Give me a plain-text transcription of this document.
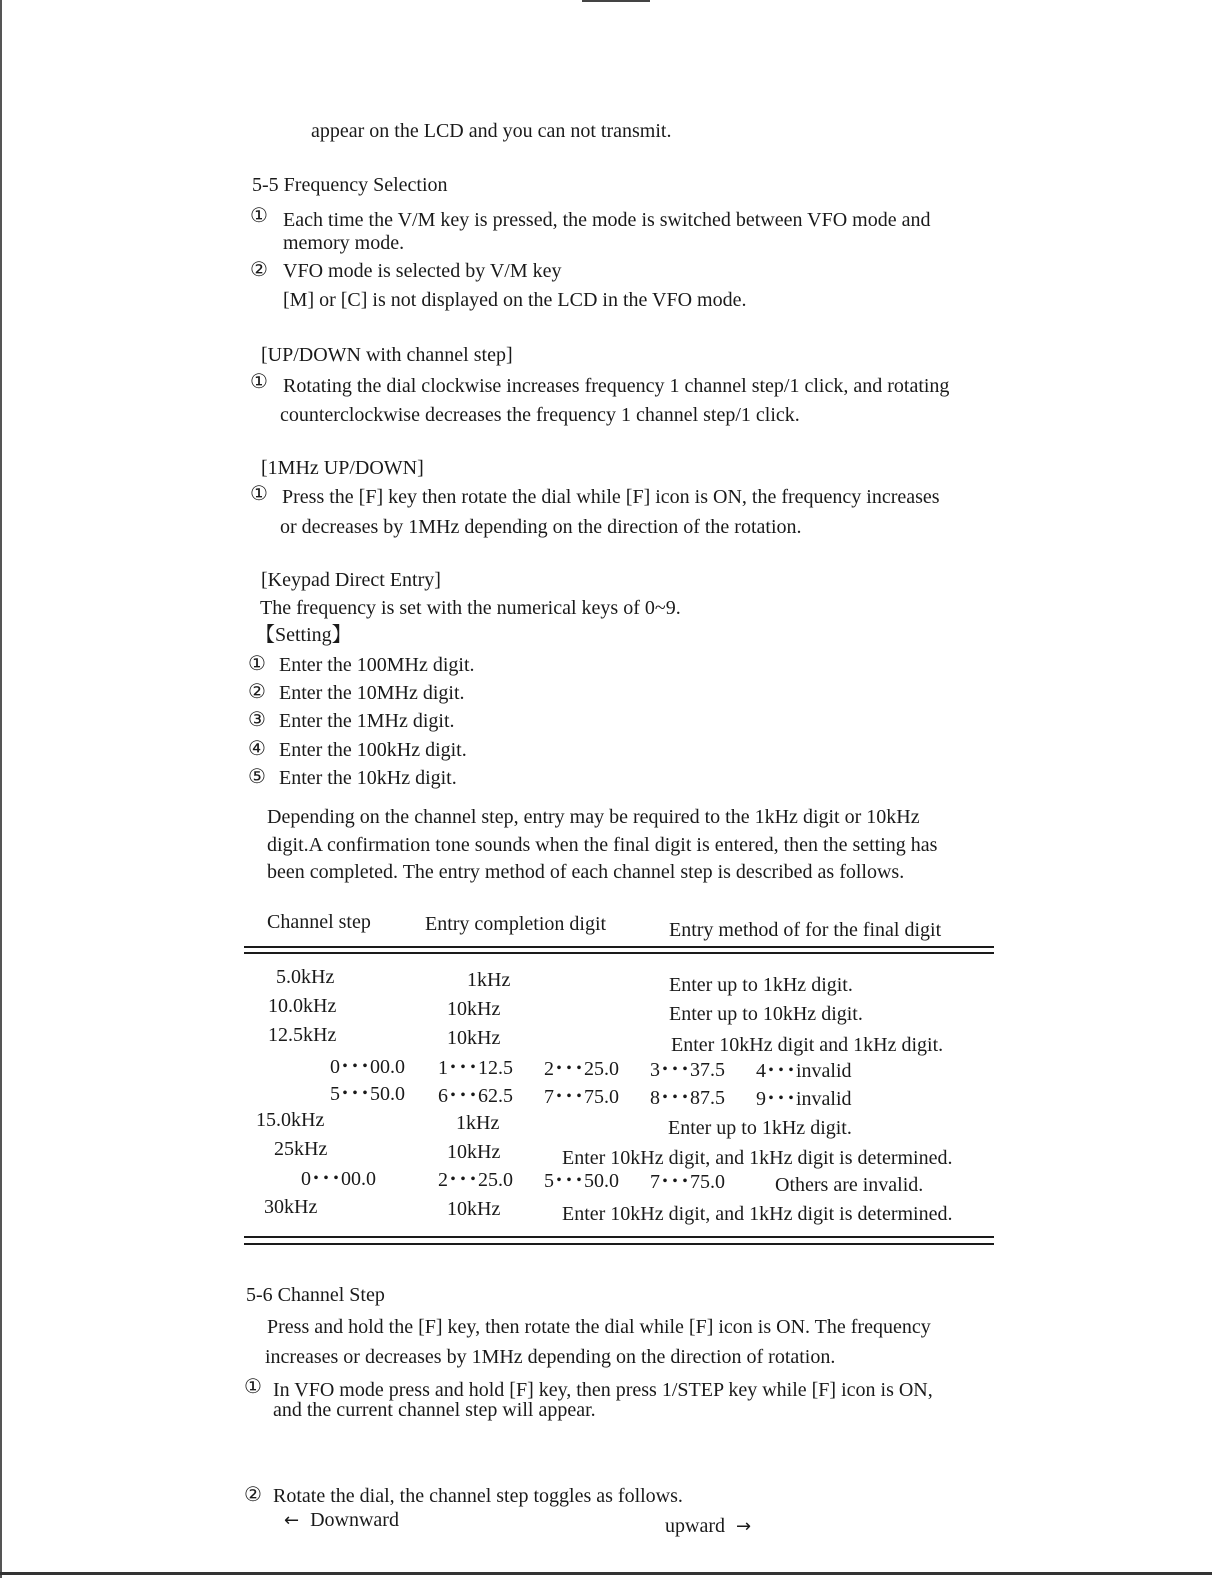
appear on the LCD and you can not transmit.
5-5 Frequency Selection
① Each time the V/M key is pressed, the mode is switched between VFO mode and
memory mode.
② VFO mode is selected by V/M key
[M] or [C] is not displayed on the LCD in the VFO mode.
[UP/DOWN with channel step]
① Rotating the dial clockwise increases frequency 1 channel step/1 click, and rotating
counterclockwise decreases the frequency 1 channel step/1 click.
[1MHz UP/DOWN]
① Press the [F] key then rotate the dial while [F] icon is ON, the frequency increases
or decreases by 1MHz depending on the direction of the rotation.
[Keypad Direct Entry]
The frequency is set with the numerical keys of 0~9.
【Setting】
① Enter the 100MHz digit.
② Enter the 10MHz digit.
③ Enter the 1MHz digit.
④ Enter the 100kHz digit.
⑤ Enter the 10kHz digit.
Depending on the channel step, entry may be required to the 1kHz digit or 10kHz
digit.A confirmation tone sounds when the final digit is entered, then the setting has
been completed. The entry method of each channel step is described as follows.
Channel step	Entry completion digit	Entry method of for the final digit
5.0kHz	1kHz	Enter up to 1kHz digit.
10.0kHz	10kHz	Enter up to 10kHz digit.
12.5kHz	10kHz	Enter 10kHz digit and 1kHz digit.
0･･･00.0 1･･･12.5 2･･･25.0 3･･･37.5 4･･･invalid
5･･･50.0 6･･･62.5 7･･･75.0 8･･･87.5 9･･･invalid
15.0kHz	1kHz	Enter up to 1kHz digit.
25kHz	10kHz	Enter 10kHz digit, and 1kHz digit is determined.
0･･･00.0	2･･･25.0 5･･･50.0 7･･･75.0	Others are invalid.
30kHz	10kHz	Enter 10kHz digit, and 1kHz digit is determined.
5-6 Channel Step
Press and hold the [F] key, then rotate the dial while [F] icon is ON. The frequency
increases or decreases by 1MHz depending on the direction of rotation.
① In VFO mode press and hold [F] key, then press 1/STEP key while [F] icon is ON,
and the current channel step will appear.
② Rotate the dial, the channel step toggles as follows.
← Downward	upward →
